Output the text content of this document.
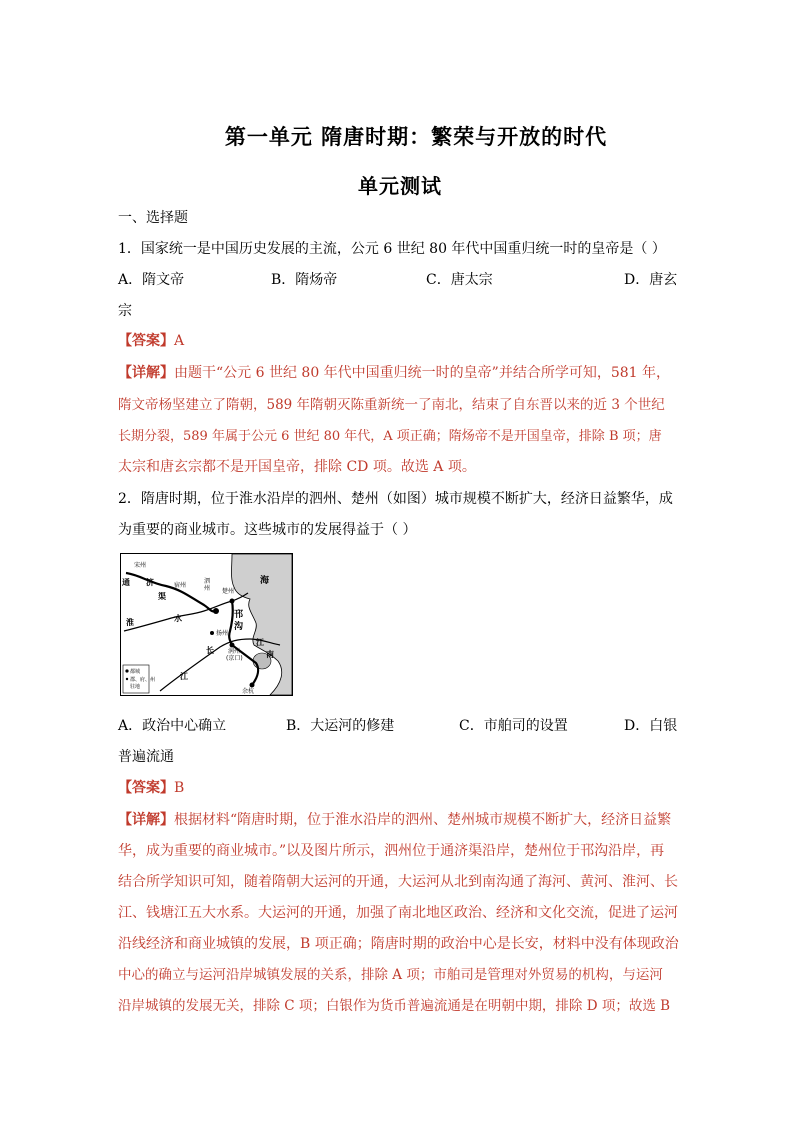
第一单元 隋唐时期：繁荣与开放的时代
单元测试
一、选择题
1．国家统一是中国历史发展的主流，公元 6 世纪 80 年代中国重归统一时的皇帝是（ ）
A．隋文帝	B．隋炀帝	C．唐太宗	D．唐玄
宗
【答案】A
【详解】由题干“公元 6 世纪 80 年代中国重归统一时的皇帝”并结合所学可知，581 年，
隋文帝杨坚建立了隋朝，589 年隋朝灭陈重新统一了南北，结束了自东晋以来的近 3 个世纪
长期分裂，589 年属于公元 6 世纪 80 年代，A 项正确；隋炀帝不是开国皇帝，排除 B 项；唐
太宗和唐玄宗都不是开国皇帝，排除 CD 项。故选 A 项。
2．隋唐时期，位于淮水沿岸的泗州、楚州（如图）城市规模不断扩大，经济日益繁华，成
为重要的商业城市。这些城市的发展得益于（ ）
宋州
通 济
渠
宿州
泗
州 楚州
海
邗
沟
淮	水
扬州
长
江
润州
(京口)
江
南
余杭
都城
郡、府、州
驻地
A．政治中心确立	B．大运河的修建	C．市舶司的设置	D．白银
普遍流通
【答案】B
【详解】根据材料“隋唐时期，位于淮水沿岸的泗州、楚州城市规模不断扩大，经济日益繁
华，成为重要的商业城市。”以及图片所示，泗州位于通济渠沿岸，楚州位于邗沟沿岸，再
结合所学知识可知，随着隋朝大运河的开通，大运河从北到南沟通了海河、黄河、淮河、长
江、钱塘江五大水系。大运河的开通，加强了南北地区政治、经济和文化交流，促进了运河
沿线经济和商业城镇的发展，B 项正确；隋唐时期的政治中心是长安，材料中没有体现政治
中心的确立与运河沿岸城镇发展的关系，排除 A 项；市舶司是管理对外贸易的机构，与运河
沿岸城镇的发展无关，排除 C 项；白银作为货币普遍流通是在明朝中期，排除 D 项；故选 B
